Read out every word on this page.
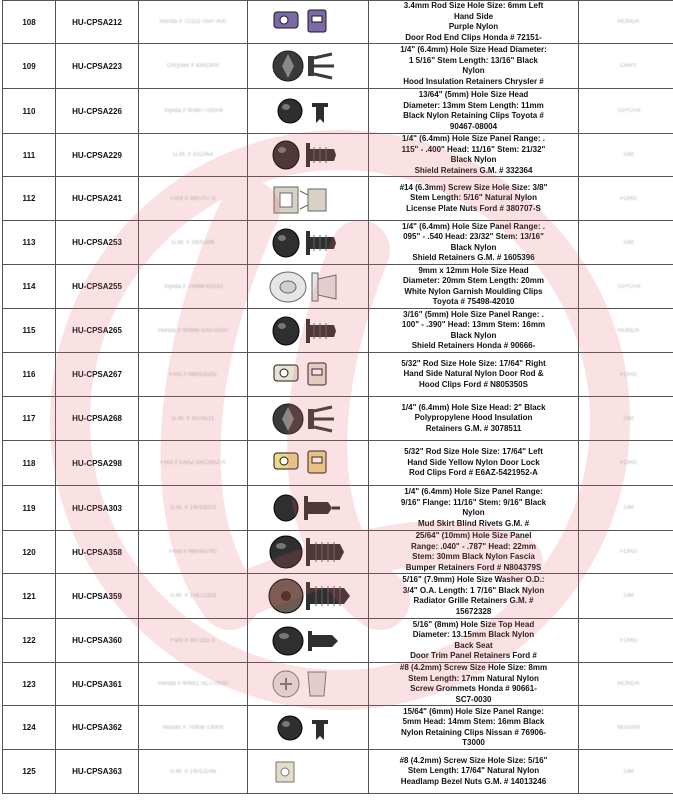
108	HU-CPSA212	Honda # 72151-S5P-A00		3.4mm Rod Size Hole Size: 6mm Left
Hand Side
Purple Nylon
Door Rod End Clips Honda # 72151-	HONDA
109	HU-CPSA223	Chrysler # 4341900		1/4" (6.4mm) Hole Size Head Diameter:
1 5/16" Stem Length: 13/16" Black
Nylon
Hood Insulation Retainers Chrysler #	CHRY
110	HU-CPSA226	Toyota # 90467-08004		13/64" (5mm) Hole Size Head
Diameter: 13mm Stem Length: 11mm
Black Nylon Retaining Clips Toyota #
90467-08004	TOYOTA
111	HU-CPSA229	G.M. # 332364		1/4" (6.4mm) Hole Size Panel Range: .
115" - .400" Head: 11/16" Stem: 21/32"
Black Nylon
Shield Retainers G.M. # 332364	GM
112	HU-CPSA241	Ford # 380707-S		#14 (6.3mm) Screw Size Hole Size: 3/8"
Stem Length: 5/16" Natural Nylon
License Plate Nuts Ford # 380707-S	FORD
113	HU-CPSA253	G.M. # 1605396		1/4" (6.4mm) Hole Size Panel Range: .
095" - .540 Head: 23/32" Stem: 13/16"
Black Nylon
Shield Retainers G.M. # 1605396	GM
114	HU-CPSA255	Toyota # 75498-42010		9mm x 12mm Hole Size Head
Diameter: 20mm Stem Length: 20mm
White Nylon Garnish Moulding Clips
Toyota # 75498-42010	TOYOTA
115	HU-CPSA265	Honda # 90666-SA0-0030		3/16" (5mm) Hole Size Panel Range: .
100" - .390" Head: 13mm Stem: 16mm
Black Nylon
Shield Retainers Honda # 90666-	HONDA
116	HU-CPSA267	Ford # N805350S		5/32" Rod Size Hole Size: 17/64" Right
Hand Side Natural Nylon Door Rod &
Hood Clips Ford # N805350S	FORD
117	HU-CPSA268	G.M. # 3078511		1/4" (6.4mm) Hole Size Head: 2" Black
Polypropylene Hood Insulation
Retainers G.M. # 3078511	GM
118	HU-CPSA298	Ford # E6AZ-5421952-A		5/32" Rod Size Hole Size: 17/64" Left
Hand Side Yellow Nylon Door Lock
Rod Clips Ford # E6AZ-5421952-A	FORD
119	HU-CPSA303	G.M. # 14019203		1/4" (6.4mm) Hole Size Panel Range:
9/16" Flange: 11/16" Stem: 9/16" Black
Nylon
Mud Skirt Blind Rivets G.M. #	GM
120	HU-CPSA358	Ford # N804379S		25/64" (10mm) Hole Size Panel
Range: .040" - .787" Head: 22mm
Stem: 30mm Black Nylon Fascia
Bumper Retainers Ford # N804379S	FORD
121	HU-CPSA359	G.M. # 15672328		5/16" (7.9mm) Hole Size Washer O.D.:
3/4" O.A. Length: 1 7/16" Black Nylon
Radiator Grille Retainers G.M. #
15672328	GM
122	HU-CPSA360	Ford # 387182-S		5/16" (8mm) Hole Size Top Head
Diameter: 13.15mm Black Nylon
Back Seat
Door Trim Panel Retainers Ford #	FORD
123	HU-CPSA361	Honda # 90661-SC7-0030		#8 (4.2mm) Screw Size Hole Size: 8mm
Stem Length: 17mm Natural Nylon
Screw Grommets Honda # 90661-
SC7-0030	HONDA
124	HU-CPSA362	Nissan # 76906-T3000		15/64" (6mm) Hole Size Panel Range:
5mm Head: 14mm Stem: 16mm Black
Nylon Retaining Clips Nissan # 76906-
T3000	NISSAN
125	HU-CPSA363	G.M. # 14013246		#8 (4.2mm) Screw Size Hole Size: 5/16"
Stem Length: 17/64" Natural Nylon
Headlamp Bezel Nuts G.M. # 14013246	GM
